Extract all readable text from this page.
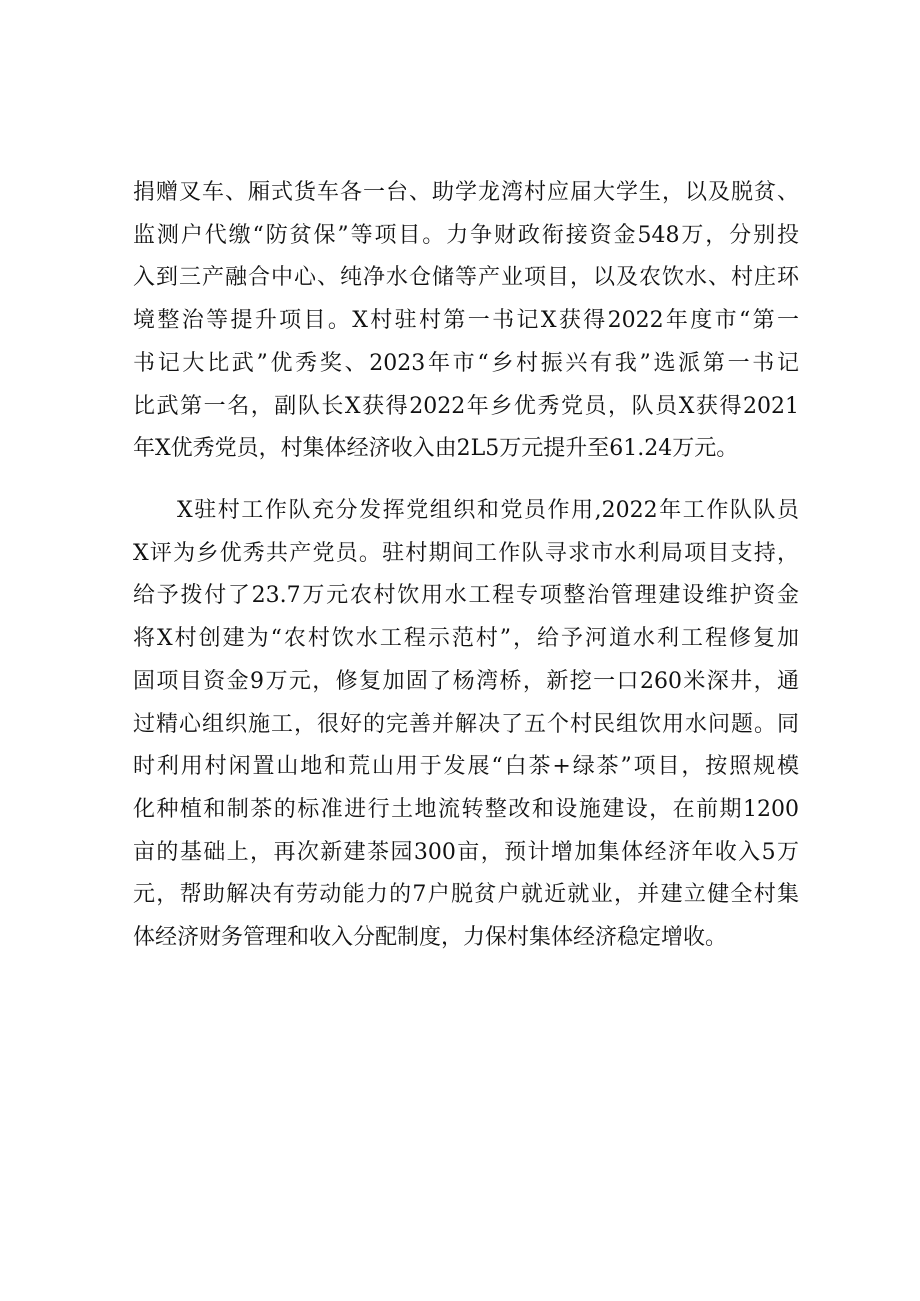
捐赠叉车、厢式货车各一台、助学龙湾村应届大学生，以及脱贫、
监测户代缴“防贫保”等项目。力争财政衔接资金548万，分别投
入到三产融合中心、纯净水仓储等产业项目，以及农饮水、村庄环
境整治等提升项目。X村驻村第一书记X获得2022年度市“第一
书记大比武”优秀奖、2023年市“乡村振兴有我”选派第一书记
比武第一名，副队长X获得2022年乡优秀党员，队员X获得2021
年X优秀党员，村集体经济收入由2L5万元提升至61.24万元。
X驻村工作队充分发挥党组织和党员作用,2022年工作队队员
X评为乡优秀共产党员。驻村期间工作队寻求市水利局项目支持，
给予拨付了23.7万元农村饮用水工程专项整治管理建设维护资金
将X村创建为“农村饮水工程示范村”，给予河道水利工程修复加
固项目资金9万元，修复加固了杨湾桥，新挖一口260米深井，通
过精心组织施工，很好的完善并解决了五个村民组饮用水问题。同
时利用村闲置山地和荒山用于发展“白茶+绿茶”项目，按照规模
化种植和制茶的标准进行土地流转整改和设施建设，在前期1200
亩的基础上，再次新建茶园300亩，预计增加集体经济年收入5万
元，帮助解决有劳动能力的7户脱贫户就近就业，并建立健全村集
体经济财务管理和收入分配制度，力保村集体经济稳定增收。
